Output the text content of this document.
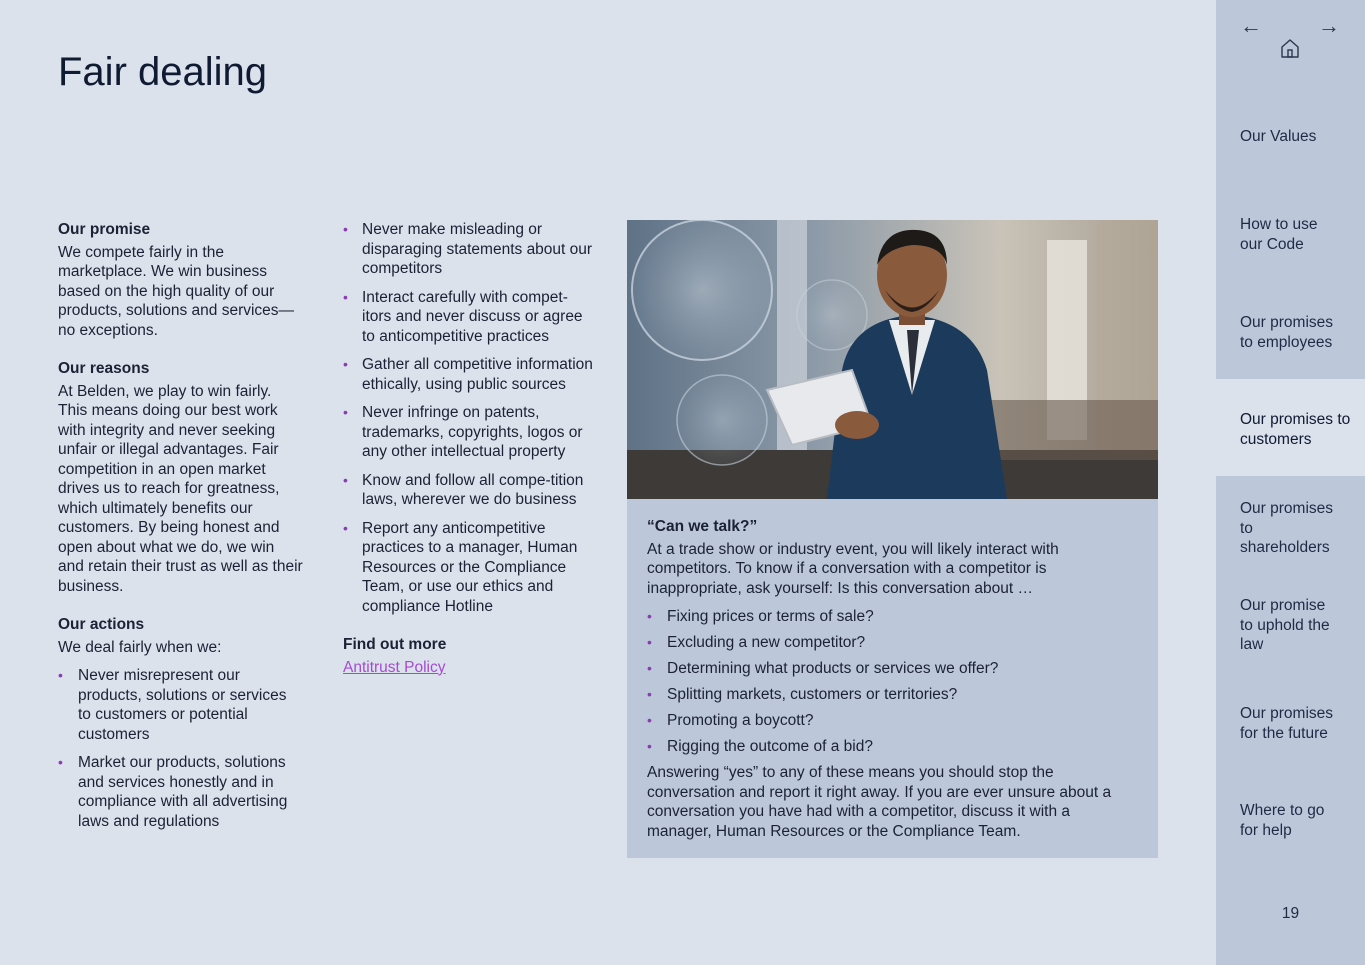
Fair dealing
Our promise
We compete fairly in the marketplace. We win business based on the high quality of our products, solutions and services—no exceptions.
Our reasons
At Belden, we play to win fairly. This means doing our best work with integrity and never seeking unfair or illegal advantages. Fair competition in an open market drives us to reach for greatness, which ultimately benefits our customers. By being honest and open about what we do, we win and retain their trust as well as their business.
Our actions
We deal fairly when we:
• Never misrepresent our products, solutions or services to customers or potential customers
• Market our products, solutions and services honestly and in compliance with all advertising laws and regulations
• Never make misleading or disparaging statements about our competitors
• Interact carefully with compet-itors and never discuss or agree to anticompetitive practices
• Gather all competitive information ethically, using public sources
• Never infringe on patents, trademarks, copyrights, logos or any other intellectual property
• Know and follow all compe-tition laws, wherever we do business
• Report any anticompetitive practices to a manager, Human Resources or the Compliance Team, or use our ethics and compliance Hotline
Find out more
Antitrust Policy
“Can we talk?”
At a trade show or industry event, you will likely interact with competitors. To know if a conversation with a competitor is inappropriate, ask yourself: Is this conversation about …
• Fixing prices or terms of sale?
• Excluding a new competitor?
• Determining what products or services we offer?
• Splitting markets, customers or territories?
• Promoting a boycott?
• Rigging the outcome of a bid?
Answering “yes” to any of these means you should stop the conversation and report it right away. If you are ever unsure about a conversation you have had with a competitor, discuss it with a manager, Human Resources or the Compliance Team.
←	→
Our Values
How to use our Code
Our promises to employees
Our promises to customers
Our promises to shareholders
Our promise to uphold the law
Our promises for the future
Where to go for help
19
